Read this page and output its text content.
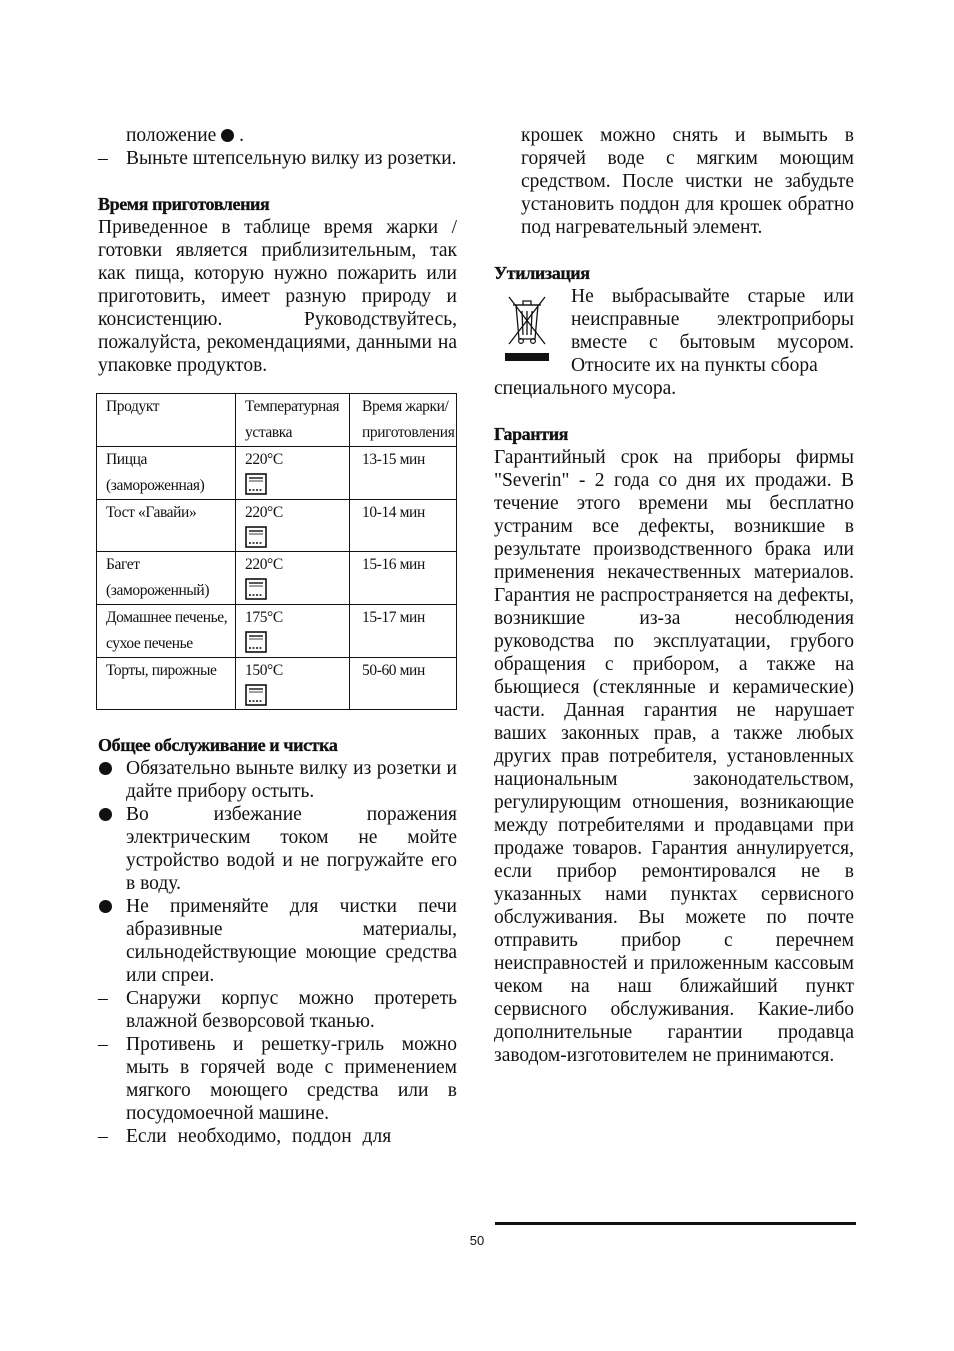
положение .

– Выньте штепсельную вилку из розетки.
Время приготовления

Приведенное в таблице время жарки / готовки является приблизительным, так как пища, которую нужно пожарить или приготовить, имеет разную природу и консистенцию. Руководствуйтесь, пожалуйста, рекомендациями, данными на упаковке продуктов.

Продукт	Температурная уставка	Время жарки/ приготовления
Пицца (замороженная)	220°C	13-15 мин
Тост «Гавайи»	220°C	10-14 мин
Багет (замороженный)	220°C	15-16 мин
Домашнее печенье, сухое печенье	175°C	15-17 мин
Торты, пирожные	150°C	50-60 мин
Общее обслуживание и чистка
Обязательно выньте вилку из розетки и дайте прибору остыть.
Во избежание поражения электрическим током не мойте устройство водой и не погружайте его в воду.
Не применяйте для чистки печи абразивные материалы, сильнодействующие моющие средства или спреи.
– Снаружи корпус можно протереть влажной безворсовой тканью.
– Противень и решетку-гриль можно мыть в горячей воде с применением мягкого моющего средства или в посудомоечной машине.
– Если необходимо, поддон для

крошек можно снять и вымыть в горячей воде с мягким моющим средством. После чистки не забудьте установить поддон для крошек обратно под нагревательный элемент.

Утилизация

Не выбрасывайте старые или неисправные электроприборы вместе с бытовым мусором. Относите их на пункты сбора

специального мусора.

Гарантия

Гарантийный срок на приборы фирмы "Severin" - 2 года со дня их продажи. В течение этого времени мы бесплатно устраним все дефекты, возникшие в результате производственного брака или применения некачественных материалов. Гарантия не распространяется на дефекты, возникшие из-за несоблюдения руководства по эксплуатации, грубого обращения с прибором, а также на бьющиеся (стеклянные и керамические) части. Данная гарантия не нарушает ваших законных прав, а также любых других прав потребителя, установленных национальным законодательством, регулирующим отношения, возникающие между потребителями и продавцами при продаже товаров. Гарантия аннулируется, если прибор ремонтировался не в указанных нами пунктах сервисного обслуживания. Вы можете по почте отправить прибор с перечнем неисправностей и приложенным кассовым чеком на наш ближайший пункт сервисного обслуживания. Какие-либо дополнительные гарантии продавца заводом-изготовителем не принимаются.

50
